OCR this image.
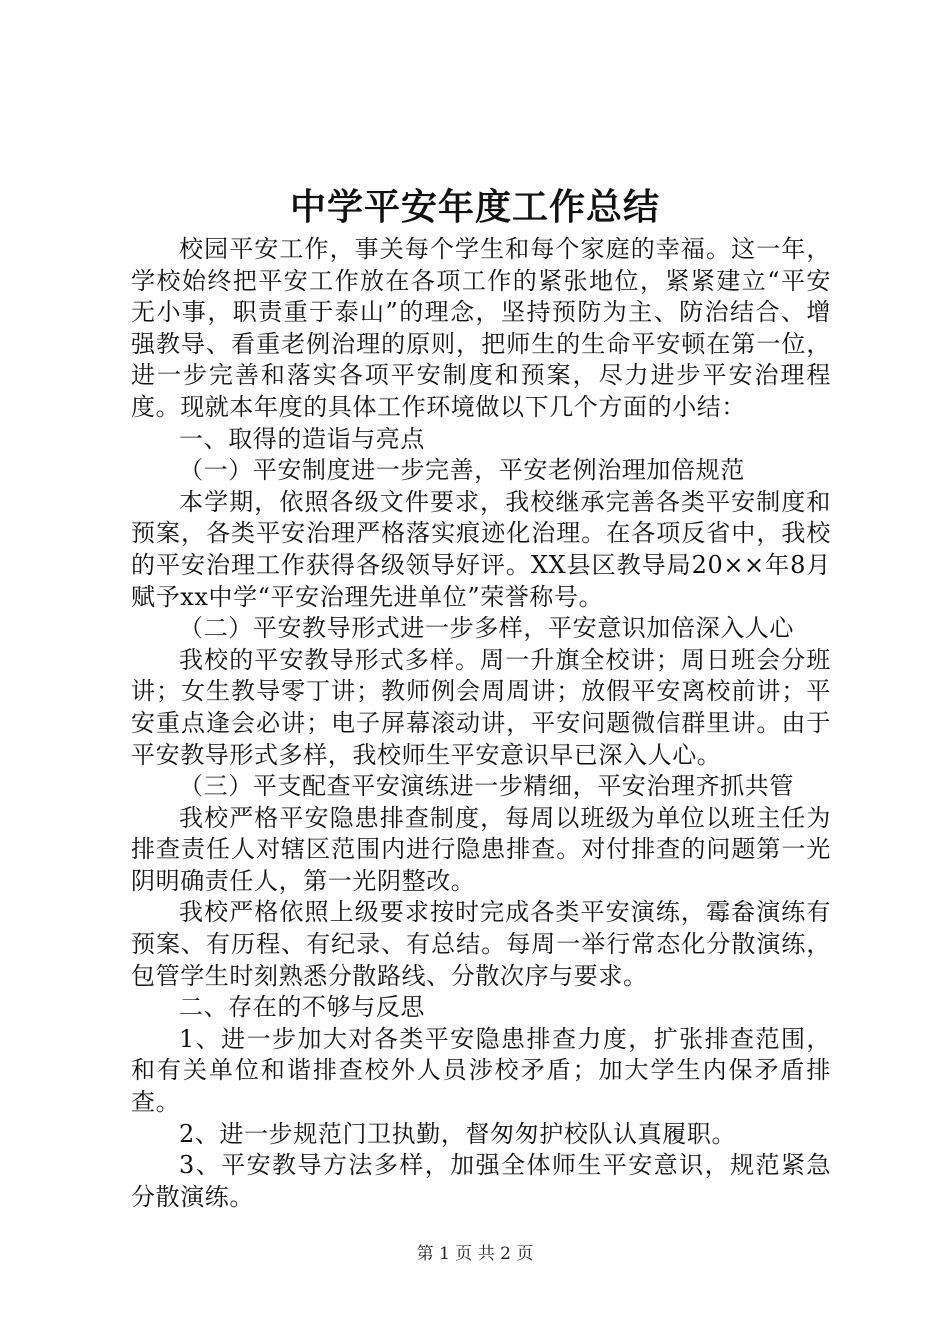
中学平安年度工作总结

校园平安工作，事关每个学生和每个家庭的幸福。这一年，学校始终把平安工作放在各项工作的紧张地位，紧紧建立“平安无小事，职责重于泰山”的理念，坚持预防为主、防治结合、增强教导、看重老例治理的原则，把师生的生命平安顿在第一位，进一步完善和落实各项平安制度和预案，尽力进步平安治理程度。现就本年度的具体工作环境做以下几个方面的小结：

一、取得的造诣与亮点

（一）平安制度进一步完善，平安老例治理加倍规范

本学期，依照各级文件要求，我校继承完善各类平安制度和预案，各类平安治理严格落实痕迹化治理。在各项反省中，我校的平安治理工作获得各级领导好评。XX县区教导局20××年8月赋予xx中学“平安治理先进单位”荣誉称号。

（二）平安教导形式进一步多样，平安意识加倍深入人心

我校的平安教导形式多样。周一升旗全校讲；周日班会分班讲；女生教导零丁讲；教师例会周周讲；放假平安离校前讲；平安重点逢会必讲；电子屏幕滚动讲，平安问题微信群里讲。由于平安教导形式多样，我校师生平安意识早已深入人心。

（三）平支配查平安演练进一步精细，平安治理齐抓共管

我校严格平安隐患排查制度，每周以班级为单位以班主任为排查责任人对辖区范围内进行隐患排查。对付排查的问题第一光阴明确责任人，第一光阴整改。

我校严格依照上级要求按时完成各类平安演练，霉畚演练有预案、有历程、有纪录、有总结。每周一举行常态化分散演练，包管学生时刻熟悉分散路线、分散次序与要求。

二、存在的不够与反思

1、进一步加大对各类平安隐患排查力度，扩张排查范围，和有关单位和谐排查校外人员涉校矛盾；加大学生内保矛盾排查。

2、进一步规范门卫执勤，督匆匆护校队认真履职。

3、平安教导方法多样，加强全体师生平安意识，规范紧急分散演练。

第 1 页 共 2 页
